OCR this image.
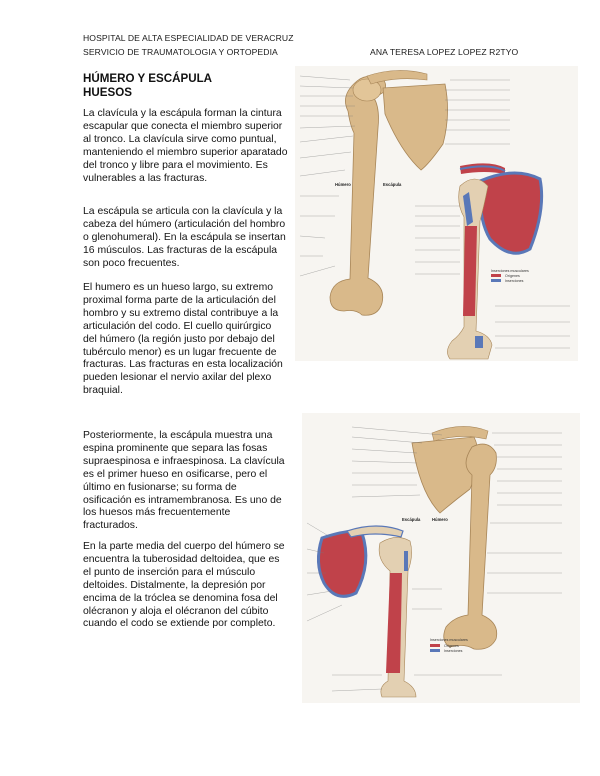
HOSPITAL DE ALTA ESPECIALIDAD DE VERACRUZ
SERVICIO DE TRAUMATOLOGIA Y ORTOPEDIA	ANA TERESA LOPEZ LOPEZ R2TYO
HÚMERO Y ESCÁPULA
HUESOS
La clavícula y la escápula forman la cintura escapular que conecta el miembro superior al tronco. La clavícula sirve como puntual, manteniendo el miembro superior aparatado del tronco y libre para el movimiento. Es vulnerables a las fracturas.
La escápula se articula con la clavícula y la cabeza del húmero (articulación del hombro o glenohumeral). En la escápula se insertan 16 músculos. Las fracturas de la escápula son poco frecuentes.
El humero es un hueso largo, su extremo proximal forma parte de la articulación del hombro y su extremo distal contribuye a la articulación del codo. El cuello quirúrgico del húmero (la región justo por debajo del tubérculo menor) es un lugar frecuente de fracturas. Las fracturas en esta localización pueden lesionar el nervio axilar del plexo braquial.
Posteriormente, la escápula muestra una espina prominente que separa las fosas supraespinosa e infraespinosa. La clavícula es el primer hueso en osificarse, pero el último en fusionarse; su forma de osificación es intramembranosa. Es uno de los huesos más frecuentemente fracturados.
En la parte media del cuerpo del húmero se encuentra la tuberosidad deltoidea, que es el punto de inserción para el músculo deltoides. Distalmente, la depresión por encima de la tróclea se denomina fosa del olécranon y aloja el olécranon del cúbito cuando el codo se extiende por completo.
Húmero	Escápula
Inserciones musculares
Orígenes
Inserciones
Escápula	Húmero
Inserciones musculares
Orígenes
Inserciones
